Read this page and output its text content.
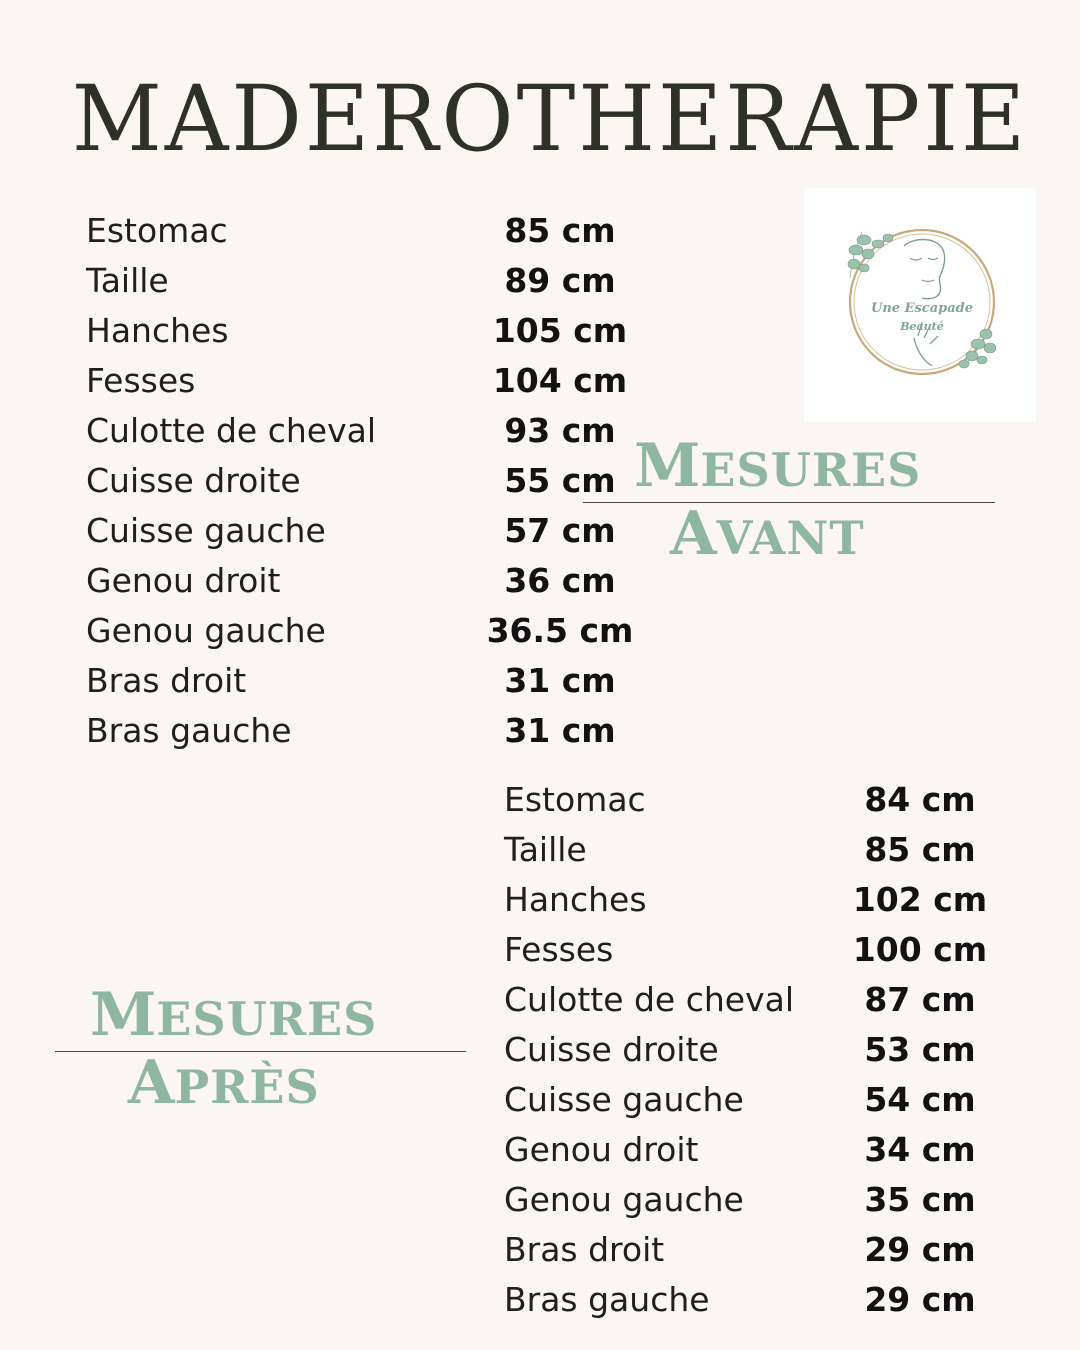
MADEROTHERAPIE
Une Escapade
Beauté
Estomac	85 cm
Taille	89 cm
Hanches	105 cm
Fesses	104 cm
Culotte de cheval	93 cm
Cuisse droite	55 cm
Cuisse gauche	57 cm
Genou droit	36 cm
Genou gauche	36.5 cm
Bras droit	31 cm
Bras gauche	31 cm
MESURES
AVANT
MESURES
APRÈS
Estomac	84 cm
Taille	85 cm
Hanches	102 cm
Fesses	100 cm
Culotte de cheval	87 cm
Cuisse droite	53 cm
Cuisse gauche	54 cm
Genou droit	34 cm
Genou gauche	35 cm
Bras droit	29 cm
Bras gauche	29 cm
